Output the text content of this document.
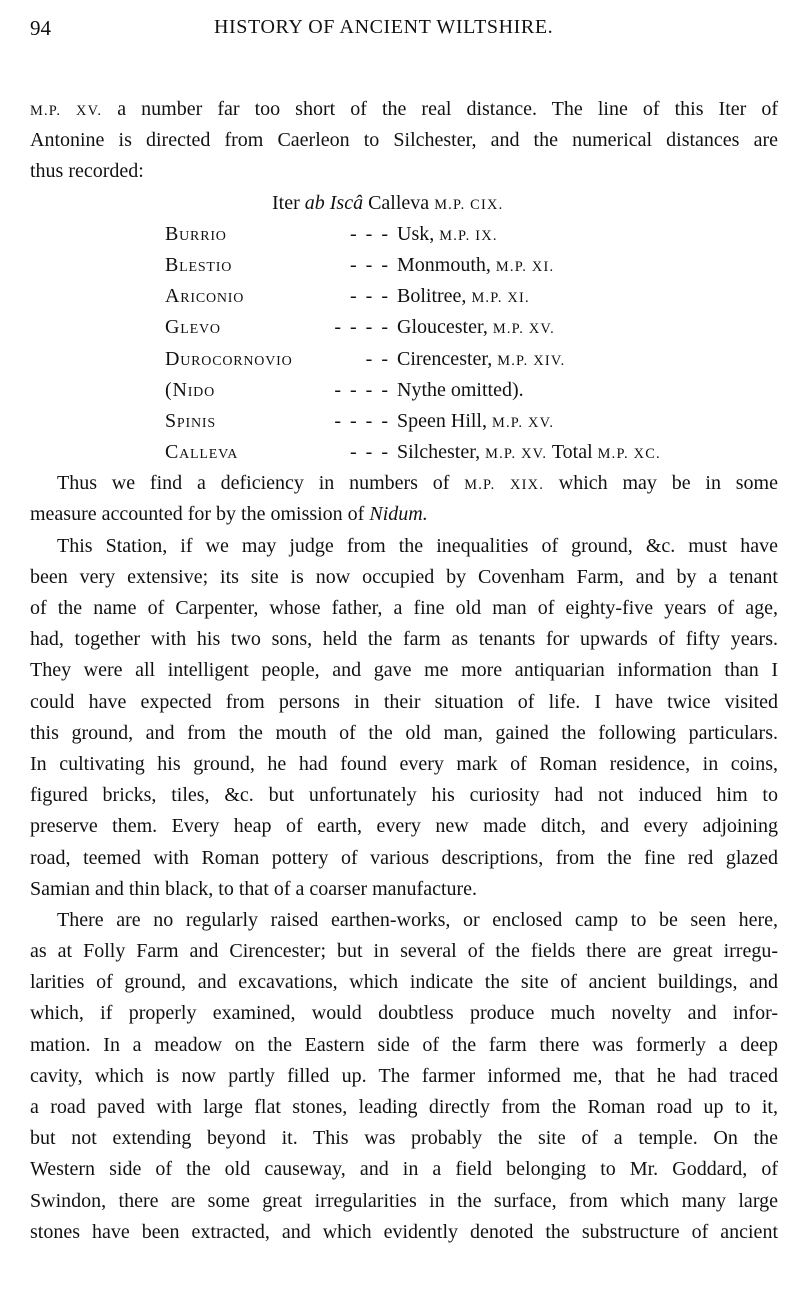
94	HISTORY OF ANCIENT WILTSHIRE.
M.P. XV. a number far too short of the real distance. The line of this Iter of
Antonine is directed from Caerleon to Silchester, and the numerical distances are
thus recorded:
Iter ab Iscâ Calleva M.P. CIX.
Burrio	- - - Usk, M.P. IX.
Blestio	- - - Monmouth, M.P. XI.
Ariconio	- - - Bolitree, M.P. XI.
Glevo	- - - - Gloucester, M.P. XV.
Durocornovio	- - Cirencester, M.P. XIV.
(Nido	- - - - Nythe omitted).
Spinis	- - - - Speen Hill, M.P. XV.
Calleva	- - - Silchester, M.P. XV. Total M.P. XC.
Thus we find a deficiency in numbers of M.P. XIX. which may be in some
measure accounted for by the omission of Nidum.
This Station, if we may judge from the inequalities of ground, &c. must have
been very extensive; its site is now occupied by Covenham Farm, and by a tenant
of the name of Carpenter, whose father, a fine old man of eighty-five years of age,
had, together with his two sons, held the farm as tenants for upwards of fifty years.
They were all intelligent people, and gave me more antiquarian information than I
could have expected from persons in their situation of life. I have twice visited
this ground, and from the mouth of the old man, gained the following particulars.
In cultivating his ground, he had found every mark of Roman residence, in coins,
figured bricks, tiles, &c. but unfortunately his curiosity had not induced him to
preserve them. Every heap of earth, every new made ditch, and every adjoining
road, teemed with Roman pottery of various descriptions, from the fine red glazed
Samian and thin black, to that of a coarser manufacture.
There are no regularly raised earthen-works, or enclosed camp to be seen here,
as at Folly Farm and Cirencester; but in several of the fields there are great irregu-
larities of ground, and excavations, which indicate the site of ancient buildings, and
which, if properly examined, would doubtless produce much novelty and infor-
mation. In a meadow on the Eastern side of the farm there was formerly a deep
cavity, which is now partly filled up. The farmer informed me, that he had traced
a road paved with large flat stones, leading directly from the Roman road up to it,
but not extending beyond it. This was probably the site of a temple. On the
Western side of the old causeway, and in a field belonging to Mr. Goddard, of
Swindon, there are some great irregularities in the surface, from which many large
stones have been extracted, and which evidently denoted the substructure of ancient
